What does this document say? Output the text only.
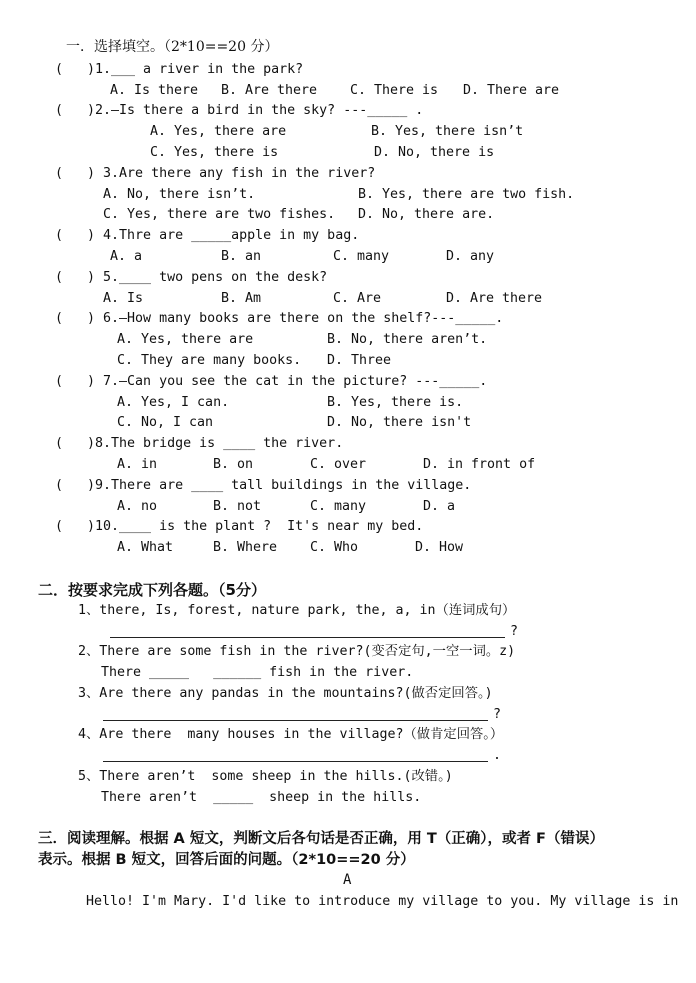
一．选择填空。（2*10==20 分）
(   )1.___ a river in the park?
A. Is there B. Are there C. There is D. There are
(   )2.—Is there a bird in the sky? ---_____ .
A. Yes, there are	B. Yes, there isn’t
C. Yes, there is	D. No, there is
(   ) 3.Are there any fish in the river?
A. No, there isn’t.	B. Yes, there are two fish.
C. Yes, there are two fishes. D. No, there are.
(   ) 4.Thre are _____apple in my bag.
A. a	B. an	C. many	D. any
(   ) 5.____ two pens on the desk?
A. Is	B. Am	C. Are	D. Are there
(   ) 6.—How many books are there on the shelf?---_____.
A. Yes, there are	B. No, there aren’t.
C. They are many books. D. Three
(   ) 7.—Can you see the cat in the picture? ---_____.
A. Yes, I can.	B. Yes, there is.
C. No, I can	D. No, there isn't
(   )8.The bridge is ____ the river.
A. in	B. on	C. over	D. in front of
(   )9.There are ____ tall buildings in the village.
A. no	B. not	C. many	D. a
(   )10.____ is the plant ?  It's near my bed.
A. What	B. Where C. Who	D. How
二．按要求完成下列各题。（5分）
1、there, Is, forest, nature park, the, a, in（连词成句）
?
2、There are some fish in the river?(变否定句,一空一词。z)
There _____   ______ fish in the river.
3、Are there any pandas in the mountains?(做否定回答。)
?
4、Are there  many houses in the village?（做肯定回答。）
.
5、There aren’t  some sheep in the hills.(改错。)
There aren’t  _____  sheep in the hills.
三．阅读理解。根据 A 短文，判断文后各句话是否正确，用 T（正确），或者 F（错误）
表示。根据 B 短文，回答后面的问题。（2*10==20 分）
A
Hello! I'm Mary. I'd like to introduce my village to you. My village is in
